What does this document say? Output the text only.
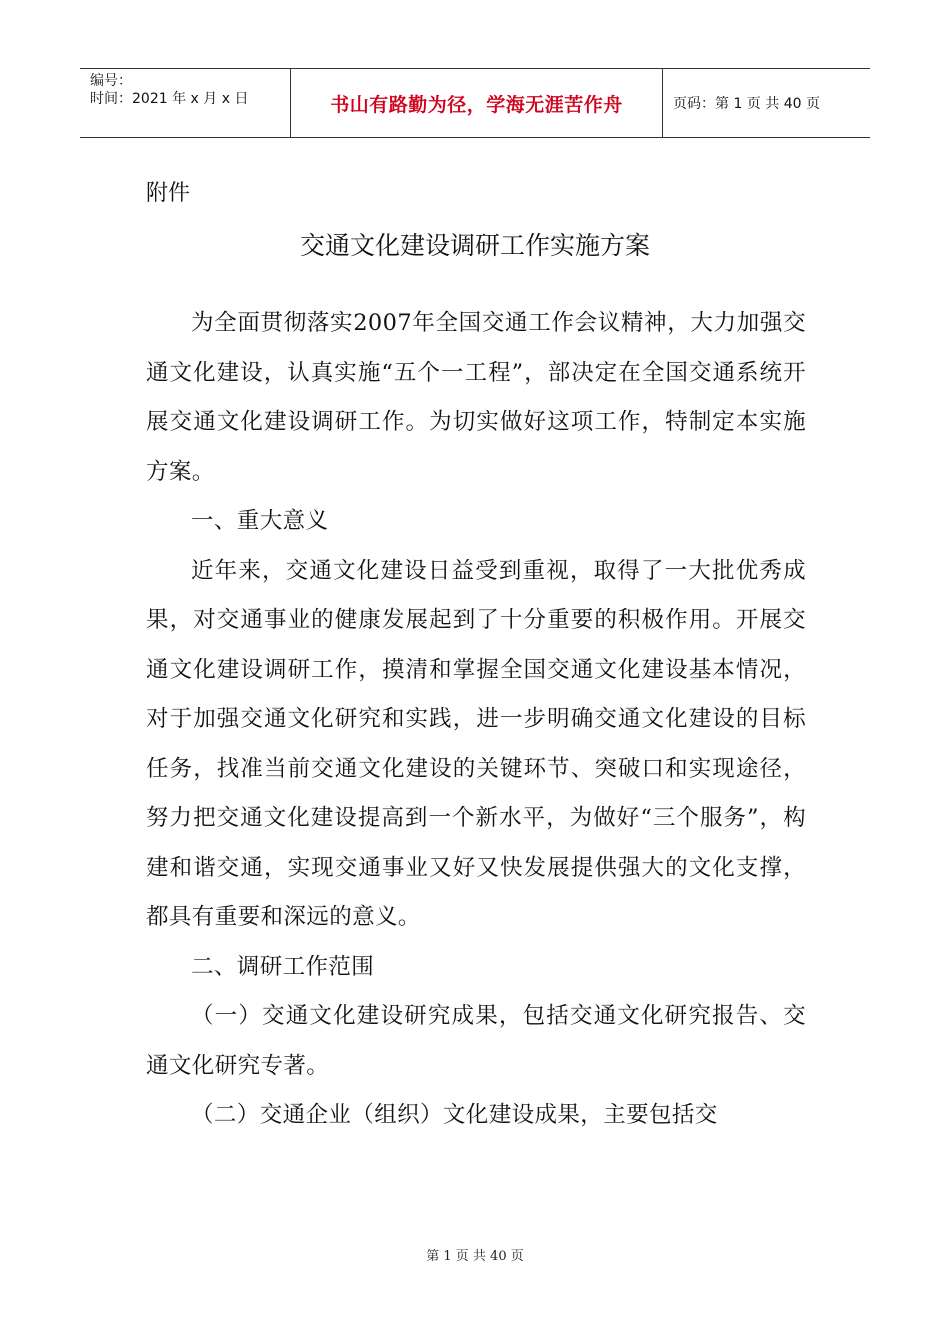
编号：
时间：2021 年 x 月 x 日	书山有路勤为径，学海无涯苦作舟	页码：第 1 页 共 40 页
附件
交通文化建设调研工作实施方案

为全面贯彻落实2007年全国交通工作会议精神，大力加强交通文化建设，认真实施“五个一工程”，部决定在全国交通系统开展交通文化建设调研工作。为切实做好这项工作，特制定本实施方案。

一、重大意义

近年来，交通文化建设日益受到重视，取得了一大批优秀成果，对交通事业的健康发展起到了十分重要的积极作用。开展交通文化建设调研工作，摸清和掌握全国交通文化建设基本情况，对于加强交通文化研究和实践，进一步明确交通文化建设的目标任务，找准当前交通文化建设的关键环节、突破口和实现途径，努力把交通文化建设提高到一个新水平，为做好“三个服务”，构建和谐交通，实现交通事业又好又快发展提供强大的文化支撑，都具有重要和深远的意义。

二、调研工作范围

（一）交通文化建设研究成果，包括交通文化研究报告、交通文化研究专著。

（二）交通企业（组织）文化建设成果，主要包括交

第 1 页 共 40 页
